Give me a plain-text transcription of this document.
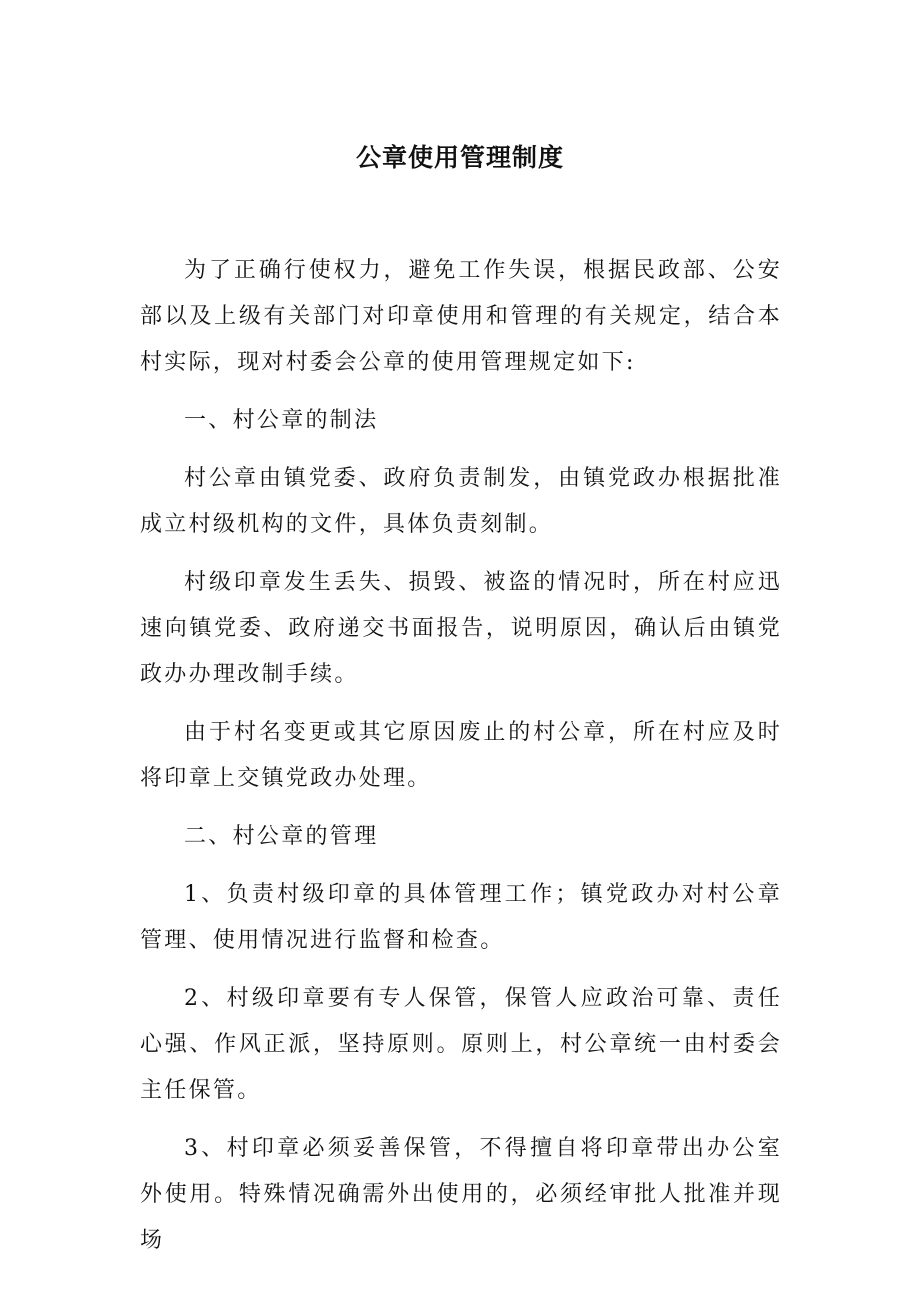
公章使用管理制度

为了正确行使权力，避免工作失误，根据民政部、公安部以及上级有关部门对印章使用和管理的有关规定，结合本村实际，现对村委会公章的使用管理规定如下:

一、村公章的制法

村公章由镇党委、政府负责制发，由镇党政办根据批准成立村级机构的文件，具体负责刻制。

村级印章发生丢失、损毁、被盗的情况时，所在村应迅速向镇党委、政府递交书面报告，说明原因，确认后由镇党政办办理改制手续。

由于村名变更或其它原因废止的村公章，所在村应及时将印章上交镇党政办处理。

二、村公章的管理

1、负责村级印章的具体管理工作；镇党政办对村公章管理、使用情况进行监督和检查。

2、村级印章要有专人保管，保管人应政治可靠、责任心强、作风正派，坚持原则。原则上，村公章统一由村委会主任保管。

3、村印章必须妥善保管，不得擅自将印章带出办公室外使用。特殊情况确需外出使用的，必须经审批人批准并现场
